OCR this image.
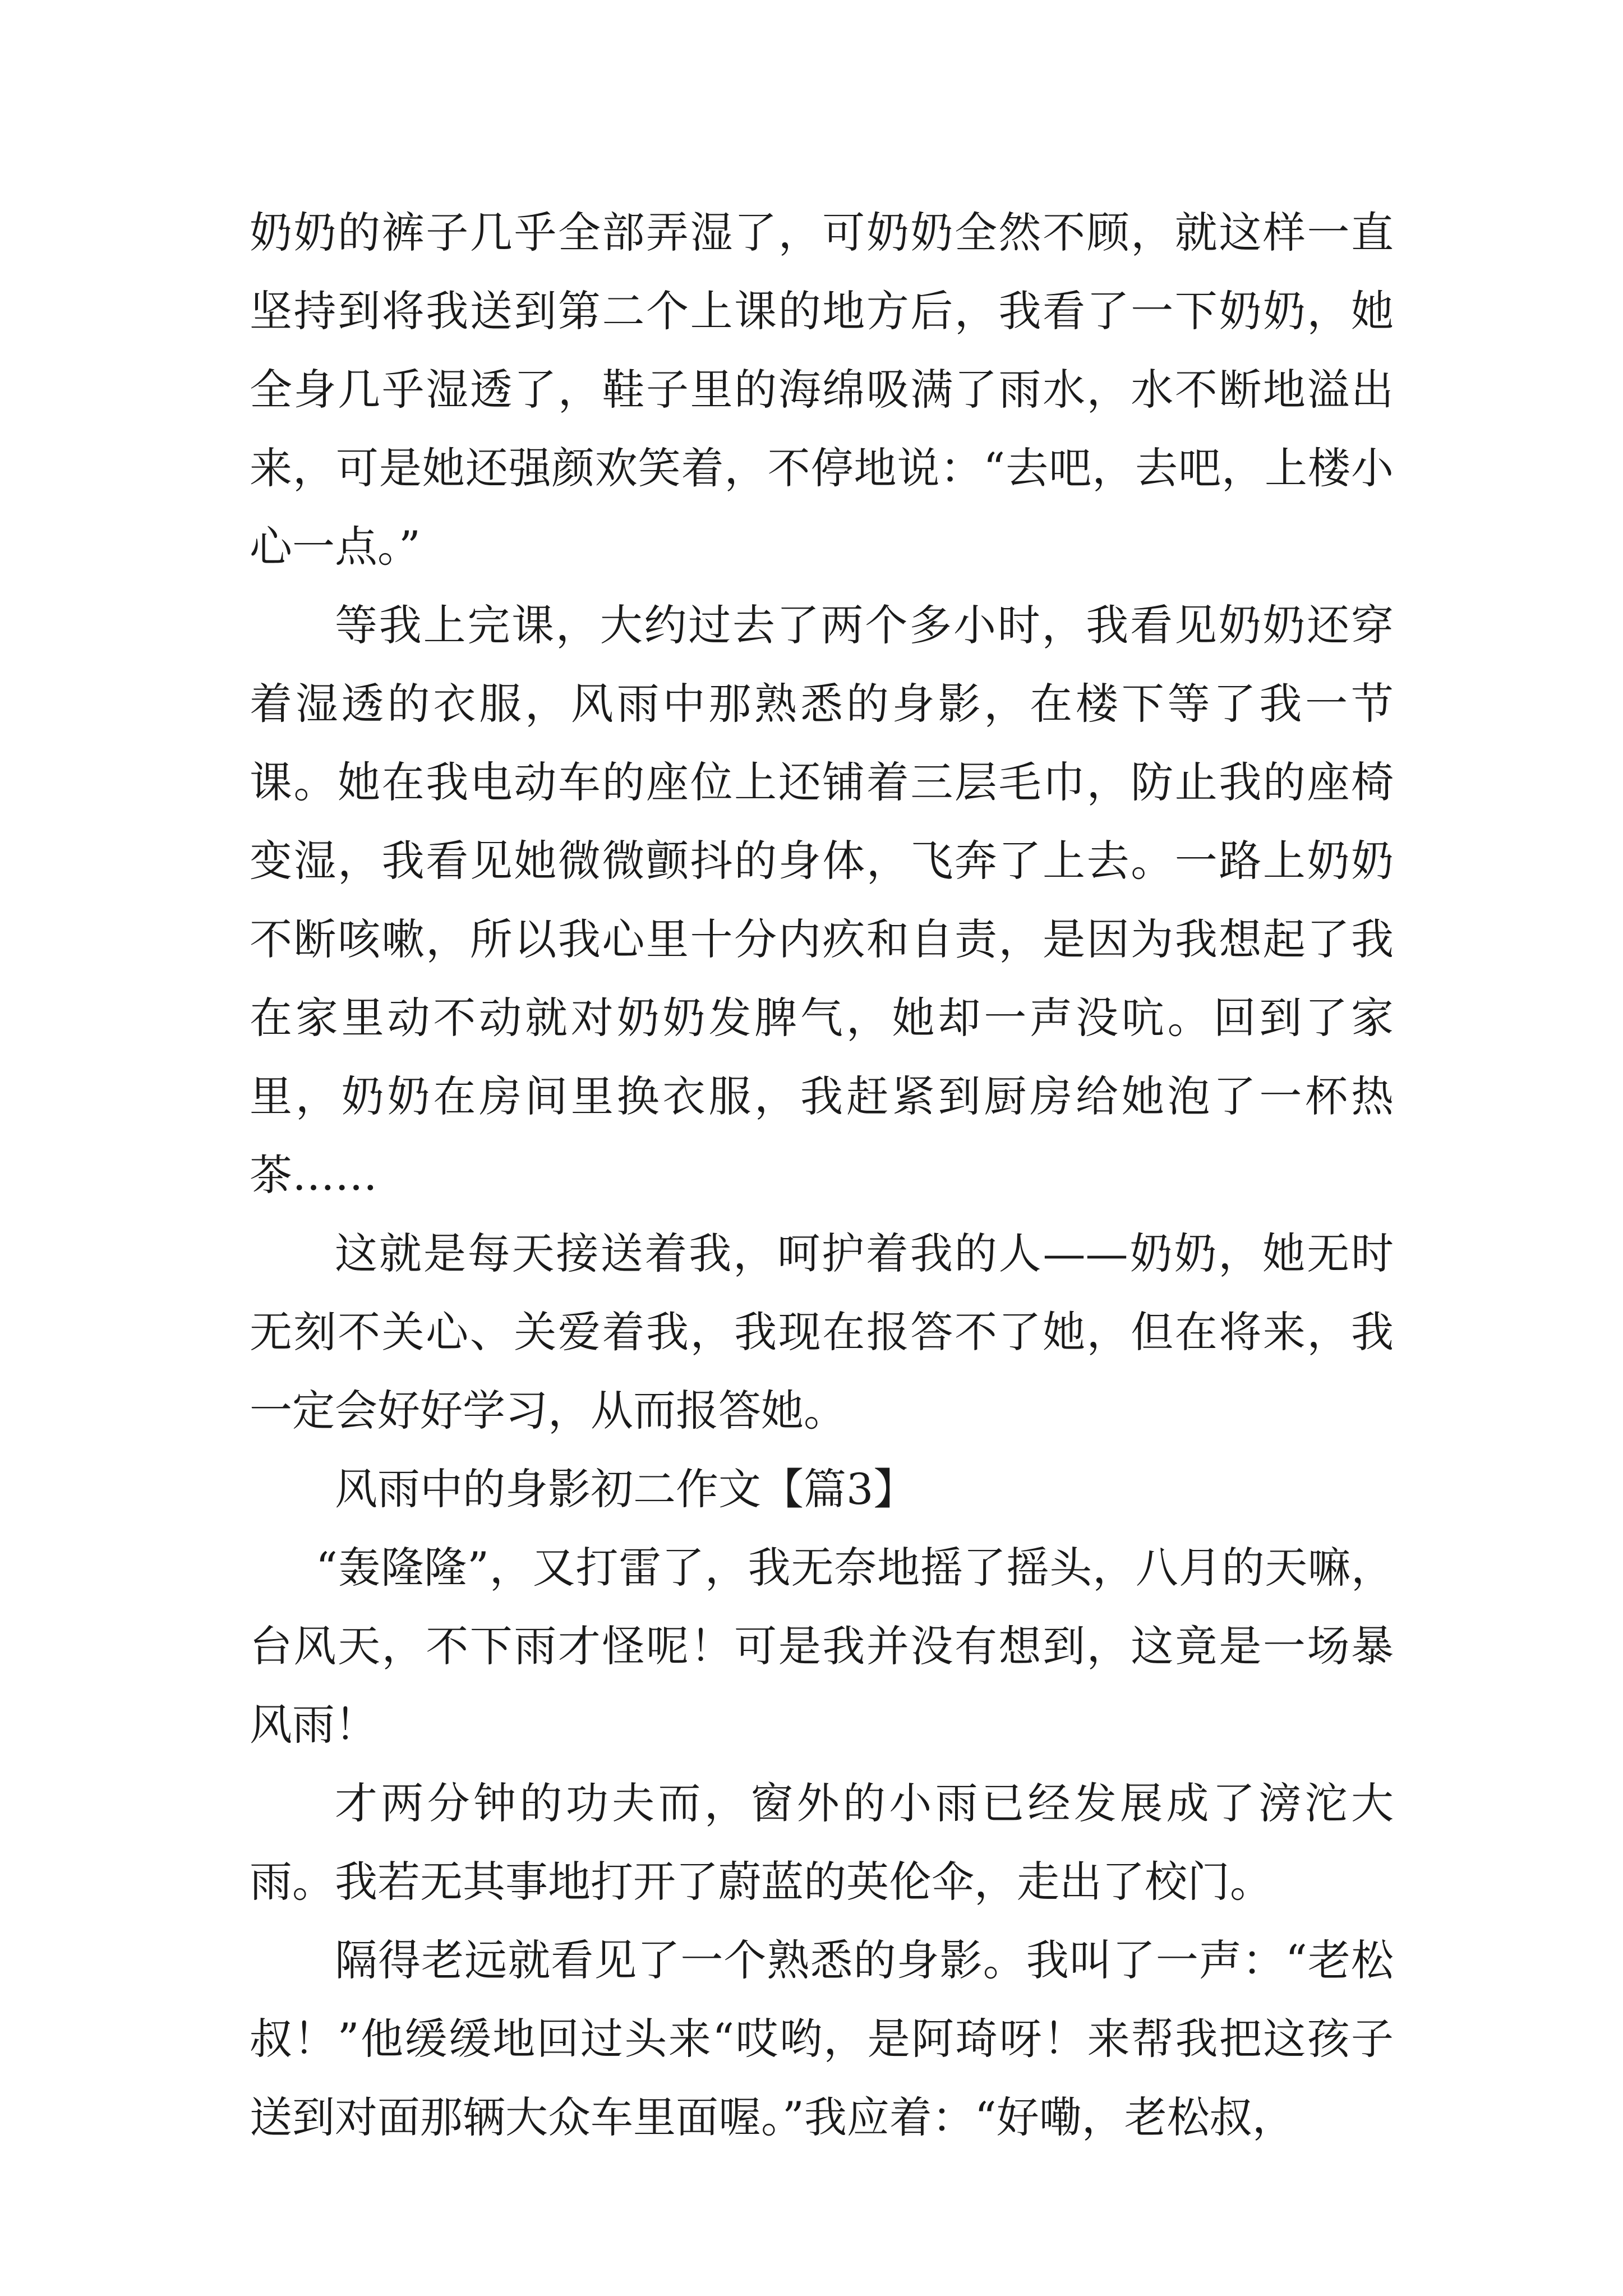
奶奶的裤子几乎全部弄湿了，可奶奶全然不顾，就这样一直坚持到将我送到第二个上课的地方后，我看了一下奶奶，她全身几乎湿透了，鞋子里的海绵吸满了雨水，水不断地溢出来，可是她还强颜欢笑着，不停地说：“去吧，去吧，上楼小心一点。”

等我上完课，大约过去了两个多小时，我看见奶奶还穿着湿透的衣服，风雨中那熟悉的身影，在楼下等了我一节课。她在我电动车的座位上还铺着三层毛巾，防止我的座椅变湿，我看见她微微颤抖的身体，飞奔了上去。一路上奶奶不断咳嗽，所以我心里十分内疚和自责，是因为我想起了我在家里动不动就对奶奶发脾气，她却一声没吭。回到了家里，奶奶在房间里换衣服，我赶紧到厨房给她泡了一杯热茶……

这就是每天接送着我，呵护着我的人——奶奶，她无时无刻不关心、关爱着我，我现在报答不了她，但在将来，我一定会好好学习，从而报答她。

风雨中的身影初二作文【篇3】

“轰隆隆”，又打雷了，我无奈地摇了摇头，八月的天嘛，台风天，不下雨才怪呢！可是我并没有想到，这竟是一场暴风雨！

才两分钟的功夫而，窗外的小雨已经发展成了滂沱大雨。我若无其事地打开了蔚蓝的英伦伞，走出了校门。

隔得老远就看见了一个熟悉的身影。我叫了一声：“老松叔！”他缓缓地回过头来“哎哟，是阿琦呀！来帮我把这孩子送到对面那辆大众车里面喔。”我应着：“好嘞，老松叔，
